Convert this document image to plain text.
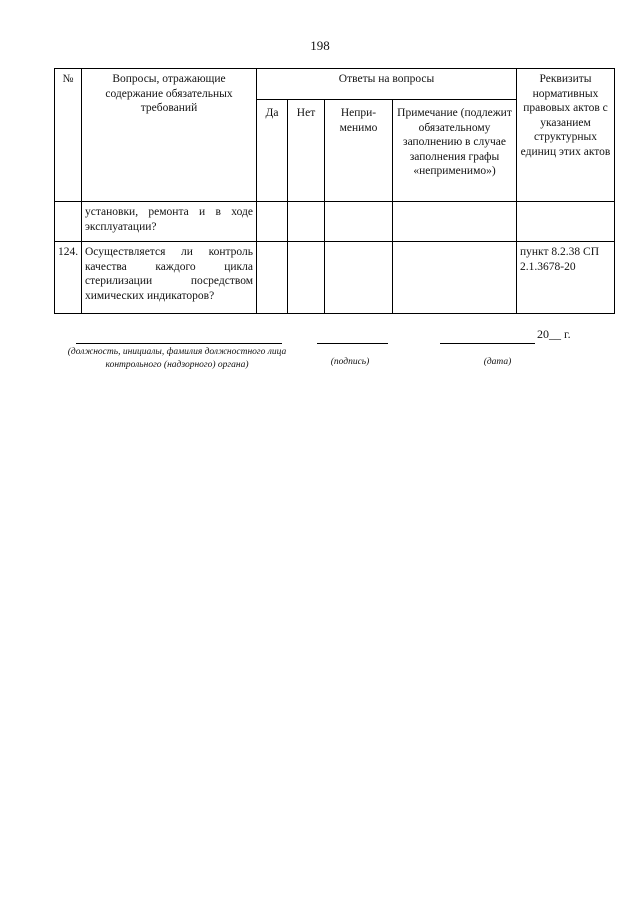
198
№	Вопросы, отражающие содержание обязательных требований	Ответы на вопросы				Реквизиты нормативных правовых актов с указанием структурных единиц этих актов
		Да	Нет	Непри-менимо	Примечание (подлежит обязательному заполнению в случае заполнения графы «неприменимо»)	
	установки, ремонта и в ходе эксплуатации?					
124.	Осуществляется ли контроль качества каждого цикла стерилизации посредством химических индикаторов?					пункт 8.2.38 СП 2.1.3678-20
20__ г.
(должность, инициалы, фамилия должностного лица контрольного (надзорного) органа)	(подпись)	(дата)
